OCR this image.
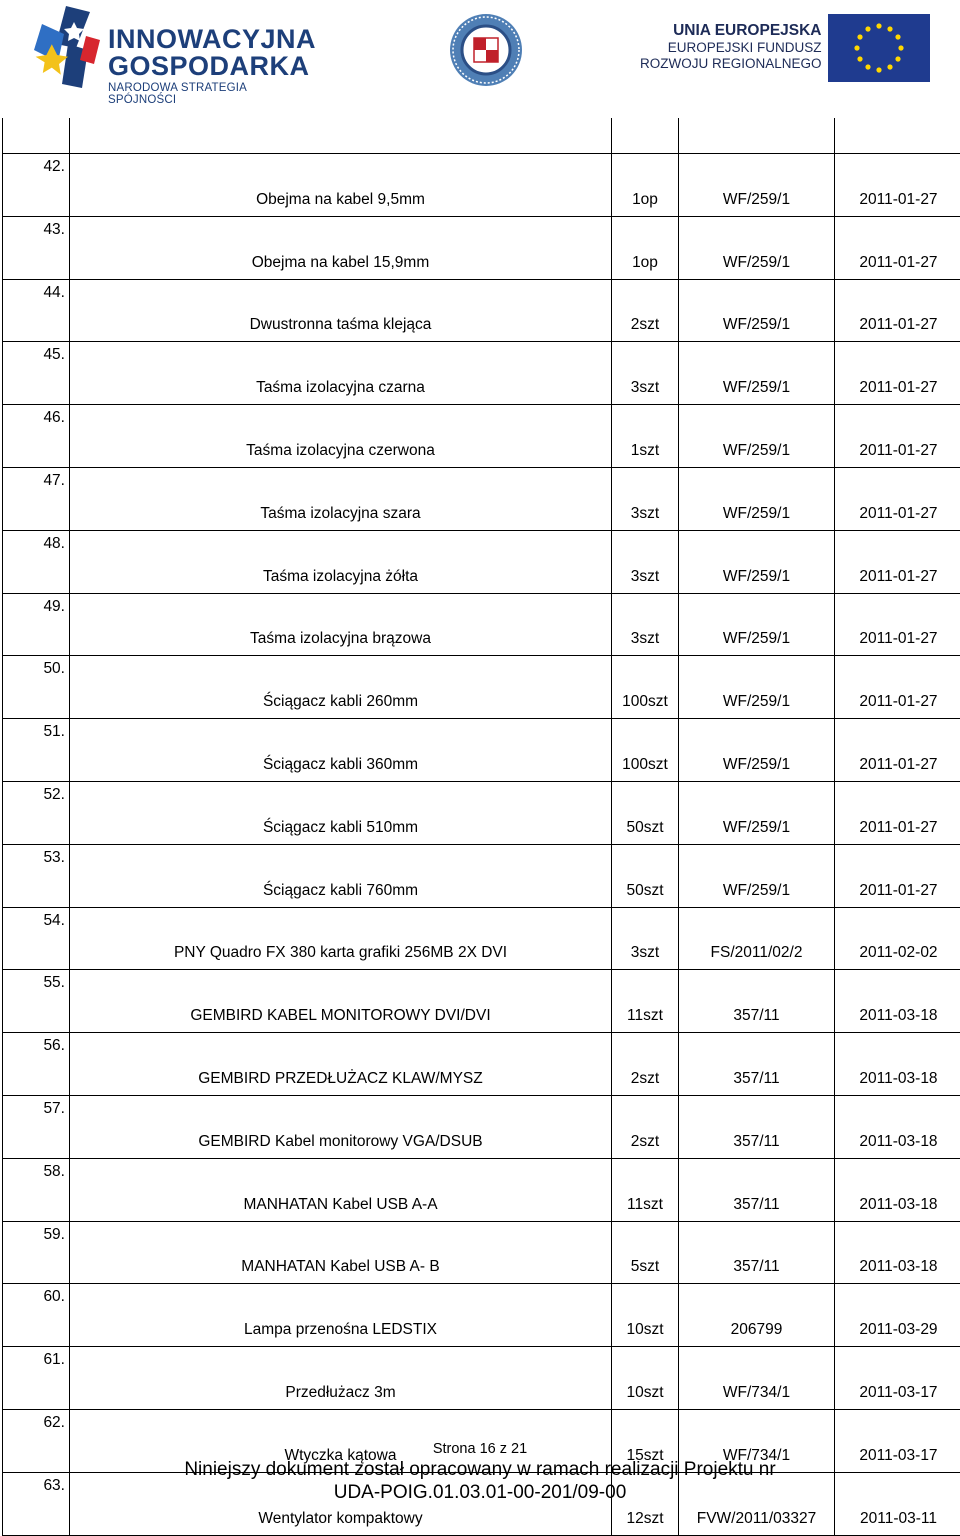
INNOWACYJNA
GOSPODARKA
NARODOWA STRATEGIA SPÓJNOŚCI
UNIA EUROPEJSKA
EUROPEJSKI FUNDUSZ
ROZWOJU REGIONALNEGO

42.	Obejma na kabel 9,5mm	1op	WF/259/1	2011-01-27
43.	Obejma na kabel 15,9mm	1op	WF/259/1	2011-01-27
44.	Dwustronna taśma klejąca	2szt	WF/259/1	2011-01-27
45.	Taśma izolacyjna czarna	3szt	WF/259/1	2011-01-27
46.	Taśma izolacyjna czerwona	1szt	WF/259/1	2011-01-27
47.	Taśma izolacyjna szara	3szt	WF/259/1	2011-01-27
48.	Taśma izolacyjna żółta	3szt	WF/259/1	2011-01-27
49.	Taśma izolacyjna brązowa	3szt	WF/259/1	2011-01-27
50.	Ściągacz kabli 260mm	100szt	WF/259/1	2011-01-27
51.	Ściągacz kabli 360mm	100szt	WF/259/1	2011-01-27
52.	Ściągacz kabli 510mm	50szt	WF/259/1	2011-01-27
53.	Ściągacz kabli 760mm	50szt	WF/259/1	2011-01-27
54.	PNY Quadro FX 380 karta grafiki 256MB 2X DVI	3szt	FS/2011/02/2	2011-02-02
55.	GEMBIRD KABEL MONITOROWY DVI/DVI	11szt	357/11	2011-03-18
56.	GEMBIRD PRZEDŁUŻACZ KLAW/MYSZ	2szt	357/11	2011-03-18
57.	GEMBIRD Kabel monitorowy VGA/DSUB	2szt	357/11	2011-03-18
58.	MANHATAN Kabel USB A-A	11szt	357/11	2011-03-18
59.	MANHATAN Kabel USB A- B	5szt	357/11	2011-03-18
60.	Lampa przenośna LEDSTIX	10szt	206799	2011-03-29
61.	Przedłużacz 3m	10szt	WF/734/1	2011-03-17
62.	Wtyczka kątowa	15szt	WF/734/1	2011-03-17
63.	Wentylator kompaktowy	12szt	FVW/2011/03327	2011-03-11
Strona 16 z 21
Niniejszy dokument został opracowany w ramach realizacji Projektu nr
UDA-POIG.01.03.01-00-201/09-00
